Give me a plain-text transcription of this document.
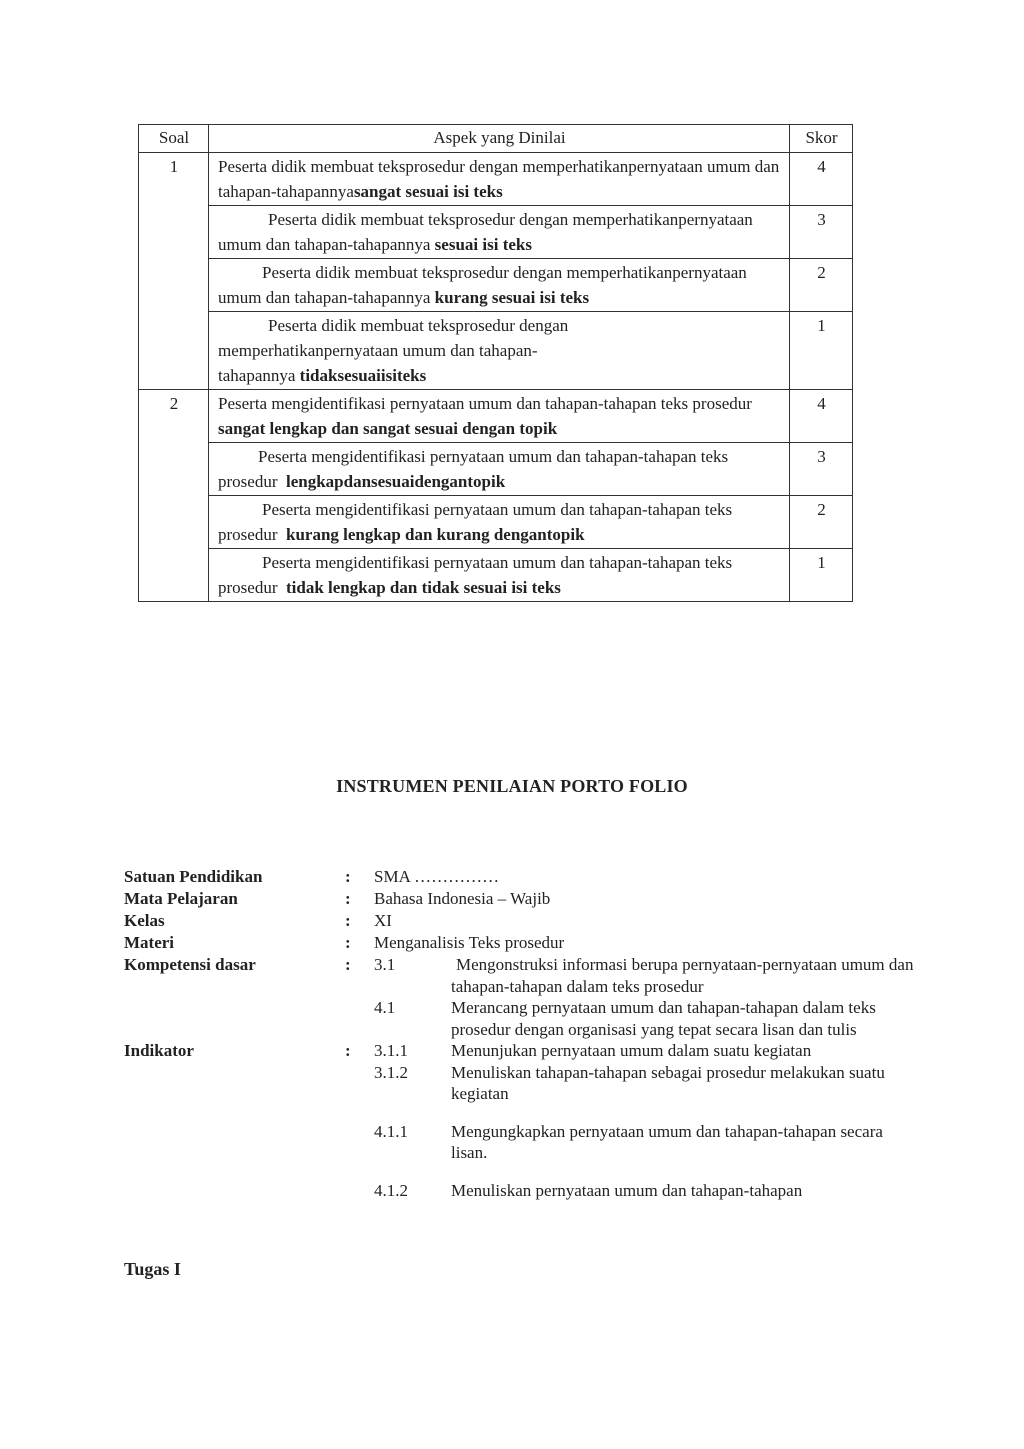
Soal	Aspek yang Dinilai	Skor
1	Peserta didik membuat teksprosedur dengan memperhatikanpernyataan umum dan tahapan-tahapannyasangat sesuai isi teks	4
	Peserta didik membuat teksprosedur dengan memperhatikanpernyataan umum dan tahapan-tahapannya sesuai isi teks	3
	Peserta didik membuat teksprosedur dengan memperhatikanpernyataan umum dan tahapan-tahapannya kurang sesuai isi teks	2
	Peserta didik membuat teksprosedur dengan memperhatikanpernyataan umum dan tahapan-tahapannya tidaksesuaiisiteks	1
2	Peserta mengidentifikasi pernyataan umum dan tahapan-tahapan teks prosedur  sangat lengkap dan sangat sesuai dengan topik	4
	Peserta mengidentifikasi pernyataan umum dan tahapan-tahapan teks prosedur lengkapdansesuaidengantopik	3
	Peserta mengidentifikasi pernyataan umum dan tahapan-tahapan teks prosedur kurang lengkap dan kurang dengantopik	2
	Peserta mengidentifikasi pernyataan umum dan tahapan-tahapan teks prosedur tidak lengkap dan tidak sesuai isi teks	1
INSTRUMEN PENILAIAN PORTO FOLIO
Satuan Pendidikan	: SMA ……………
Mata Pelajaran	: Bahasa Indonesia – Wajib
Kelas	: XI
Materi	: Menganalisis Teks prosedur
Kompetensi dasar	: 3.1	Mengonstruksi informasi berupa pernyataan-pernyataan umum dan tahapan-tahapan dalam teks prosedur
4.1	Merancang pernyataan umum dan tahapan-tahapan dalam teks prosedur dengan organisasi yang tepat secara lisan dan tulis
Indikator	: 3.1.1	Menunjukan pernyataan umum dalam suatu kegiatan
3.1.2	Menuliskan tahapan-tahapan sebagai prosedur melakukan suatu kegiatan
4.1.1	Mengungkapkan pernyataan umum dan tahapan-tahapan secara lisan.
4.1.2	Menuliskan pernyataan umum dan tahapan-tahapan
Tugas I
